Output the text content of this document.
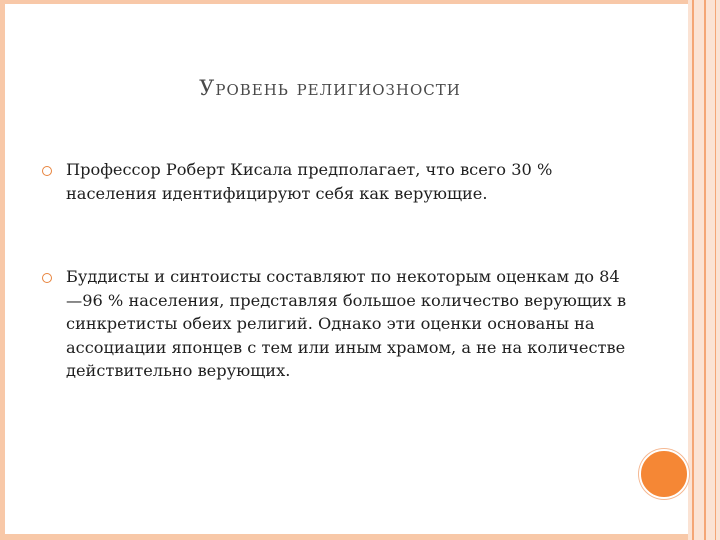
Уровень религиозности
Профессор Роберт Кисала предполагает, что всего 30 % населения идентифицируют себя как верующие.
Буддисты и синтоисты составляют по некоторым оценкам до 84—96 % населения, представляя большое количество верующих в синкретисты обеих религий. Однако эти оценки основаны на ассоциации японцев с тем или иным храмом, а не на количестве действительно верующих.
